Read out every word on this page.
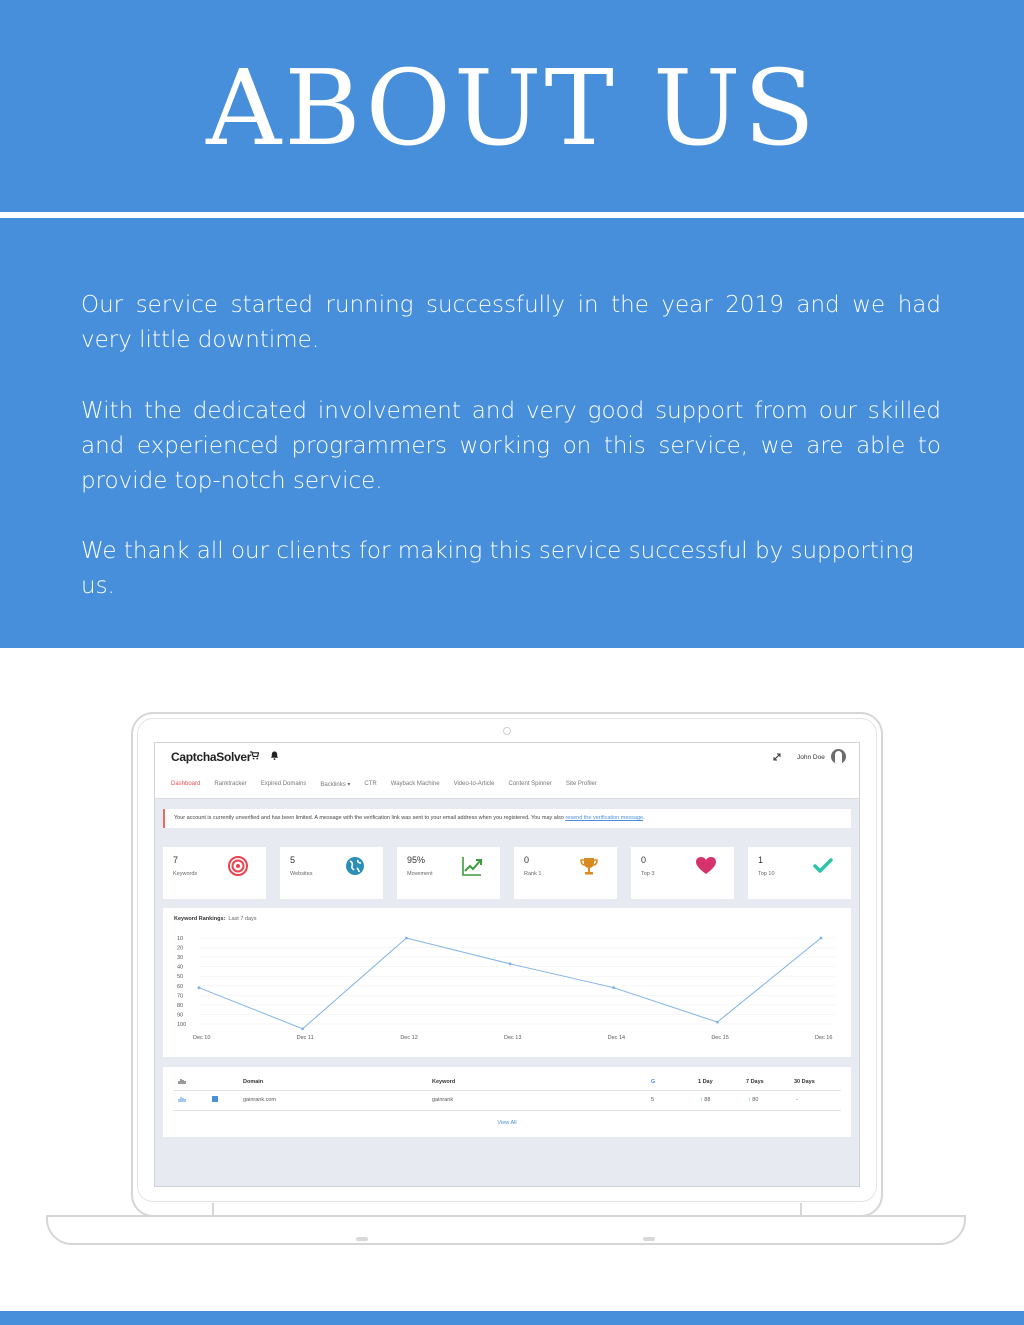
ABOUT US

Our service started running successfully in the year 2019 and we had very little downtime.

With the dedicated involvement and very good support from our skilled and experienced programmers working on this service, we are able to provide top-notch service.

We thank all our clients for making this service successful by supporting us.

CaptchaSolver	John Doe
Dashboard Ranktracker Expired Domains Backlinks ▾ CTR Wayback Machine Video-to-Article Content Spinner Site Profiler
Your account is currently unverified and has been limited. A message with the verification link was sent to your email address when you registered. You may also resend the verification message.
7
Keywords
5
Websites
95%
Movement
0
Rank 1
0
Top 3
1
Top 10
Keyword Rankings: Last 7 days
10
20
30
40
50
60
70
80
90
100
Dec 10	Dec 11	Dec 12	Dec 13	Dec 14	Dec 15	Dec 16
Domain	Keyword	G	1 Day	7 Days	30 Days
gainrank.com	gainrank	5	↑ 88	↑ 80	-
View All
